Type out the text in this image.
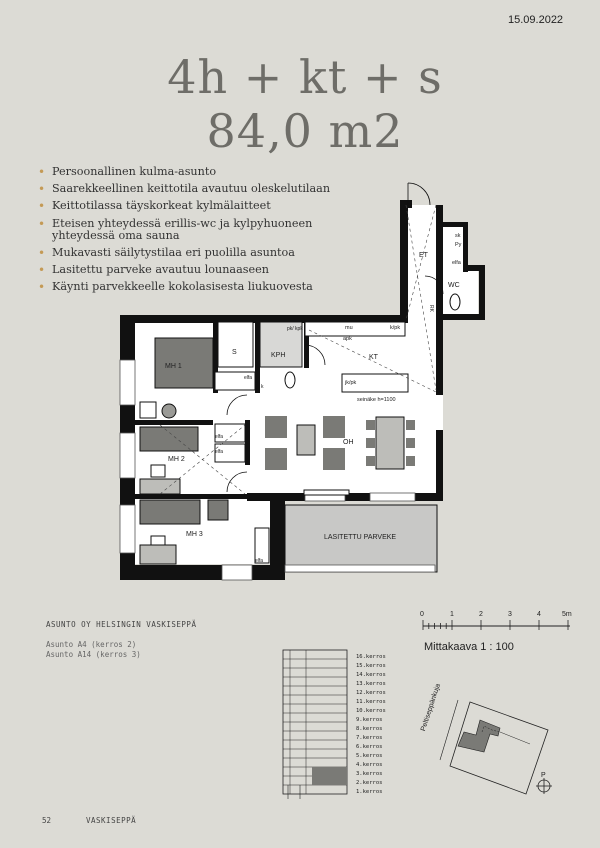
15.09.2022
4h + kt + s
84,0 m2
• Persoonallinen kulma-asunto
• Saarekkeellinen keittotila avautuu oleskelutilaan
• Keittotilassa täyskorkeat kylmälaitteet
• Eteisen yhteydessä erillis-wc ja kylpyhuoneen yhteydessä oma sauna
• Mukavasti säilytystilaa eri puolilla asuntoa
• Lasitettu parveke avautuu lounaaseen
• Käynti parvekkeelle kokolasisesta liukuovesta
ET
WC
sk
Py
elfa
RK
KT
KPH
S
MH 1
MH 2
MH 3
OH
LASITETTU PARVEKE
seinäke h=1100
jk/pk
k/pk
mu
apk
elfa
elfa
elfa
elfa
pk/ kpk
k
ASUNTO OY HELSINGIN VASKISEPPÄ
Asunto A4 (kerros 2)
Asunto A14 (kerros 3)	16.kerros
15.kerros
14.kerros
13.kerros
12.kerros
11.kerros
10.kerros
9.kerros
8.kerros
7.kerros
6.kerros
5.kerros
4.kerros
3.kerros
2.kerros
1.kerros
0	1	2	3	4	5m
Mittakaava 1 : 100
Peltiseppänkuja
P
52	VASKISEPPÄ
